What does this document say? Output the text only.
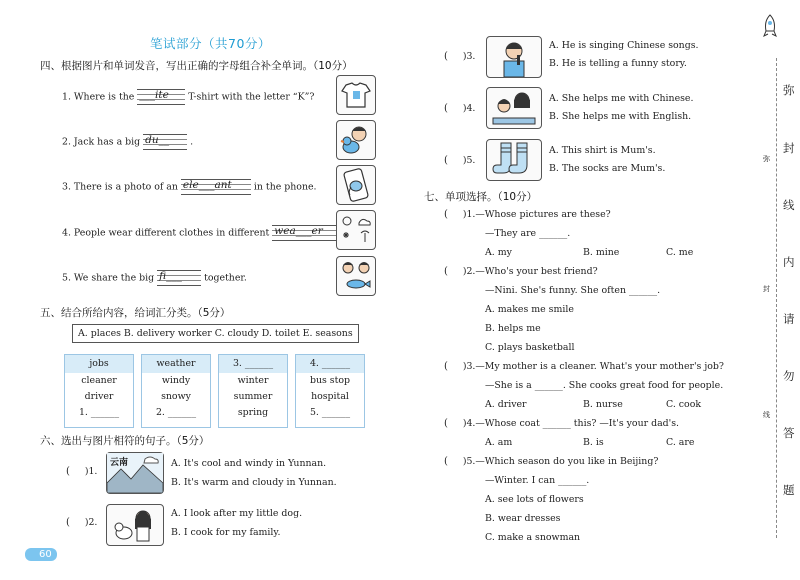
笔试部分（共70分）
四、根据图片和单词发音，写出正确的字母组合补全单词。（10分）
1. Where is the ___ite T-shirt with the letter “K”?
2. Jack has a big du__ .
3. There is a photo of an ele___ant in the phone.
4. People wear different clothes in different wea___er
5. We share the big fi___ together.
五、结合所给内容，给词汇分类。（5分）
A. places B. delivery worker C. cloudy D. toilet E. seasons
jobs
cleaner
driver
1. ______
weather
windy
snowy
2. ______
3. ______
winter
summer
spring
4. ______
bus stop
hospital
5. ______
六、选出与图片相符的句子。（5分）
( )1.
云南	A. It's cool and windy in Yunnan.
B. It's warm and cloudy in Yunnan.
( )2.
A. I look after my little dog.
B. I cook for my family.
( )3.
A. He is singing Chinese songs.
B. He is telling a funny story.
( )4.
A. She helps me with Chinese.
B. She helps me with English.
( )5.
A. This shirt is Mum's.
B. The socks are Mum's.
七、单项选择。（10分）
( )1.—Whose pictures are these?
—They are ______.
A. my	B. mine	C. me
( )2.—Who's your best friend?
—Nini. She's funny. She often ______.
A. makes me smile
B. helps me
C. plays basketball
( )3.—My mother is a cleaner. What's your mother's job?
—She is a ______. She cooks great food for people.
A. driver	B. nurse	C. cook
( )4.—Whose coat ______ this? —It's your dad's.
A. am	B. is	C. are
( )5.—Which season do you like in Beijing?
—Winter. I can ______.
A. see lots of flowers
B. wear dresses
C. make a snowman
弥
封
线
弥
封
线
内
请
勿
答
题
60
